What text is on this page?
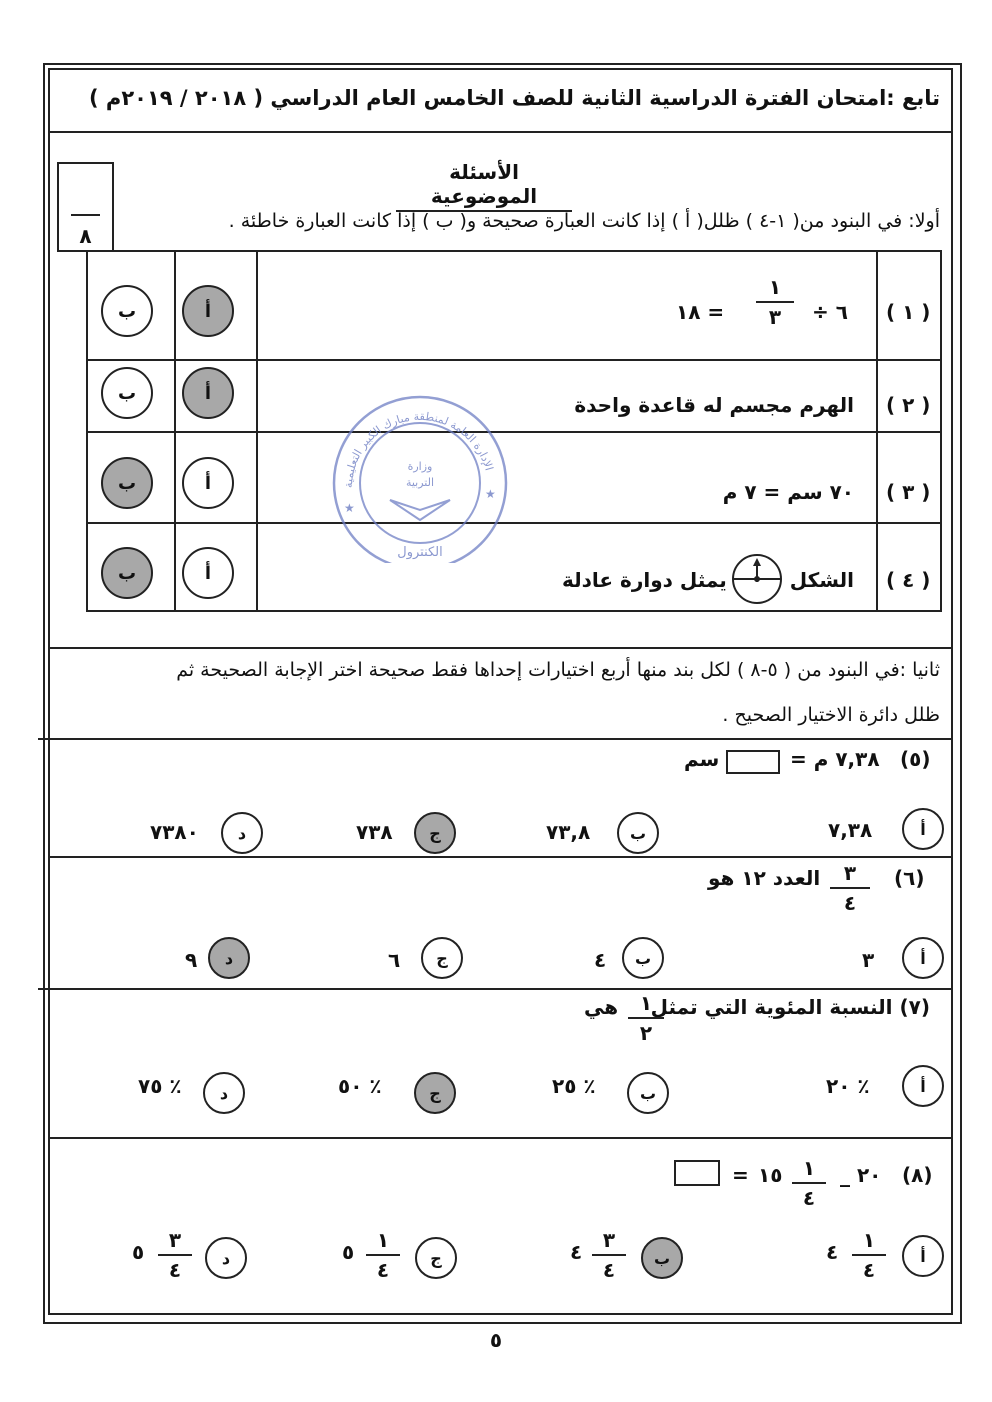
تابع :امتحان الفترة الدراسية الثانية للصف الخامس العام الدراسي ( ٢٠١٨ / ٢٠١٩م )
٨
الأسئلة الموضوعية
أولا: في البنود من( ١-٤ ) ظلل( أ ) إذا كانت العبارة صحيحة و( ب ) إذا كانت العبارة خاطئة .
( ١ )
٦ ÷
١
٣
= ١٨
أ
ب
( ٢ )
الهرم مجسم له قاعدة واحدة
أ
ب
( ٣ )
٧٠ سم = ٧ م
أ
ب
( ٤ )
الشكل
يمثل دوارة عادلة
أ
ب
الإدارة العامة لمنطقة مبارك الكبير التعليمية
وزارة
التربية
الكنترول
★
★
ثانيا :في البنود من ( ٥-٨ ) لكل بند منها أربع اختيارات إحداها فقط صحيحة اختر الإجابة الصحيحة ثم
ظلل دائرة الاختيار الصحيح .
(٥)
٧,٣٨ م =
سم
أ
٧,٣٨
ب
٧٣,٨
ج
٧٣٨
د
٧٣٨٠
(٦)
٣
٤
العدد ١٢ هو
أ
٣
ب
٤
ج
٦
د
٩
(٧) النسبة المئوية التي تمثل
١
٢
هي
أ
٪ ٢٠
ب
٪ ٢٥
ج
٪ ٥٠
د
٪ ٧٥
(٨)
٢٠ _
١
٤
١٥
=
أ
١
٤
٤
ب
٣
٤
٤
ج
١
٤
٥
د
٣
٤
٥
٥
